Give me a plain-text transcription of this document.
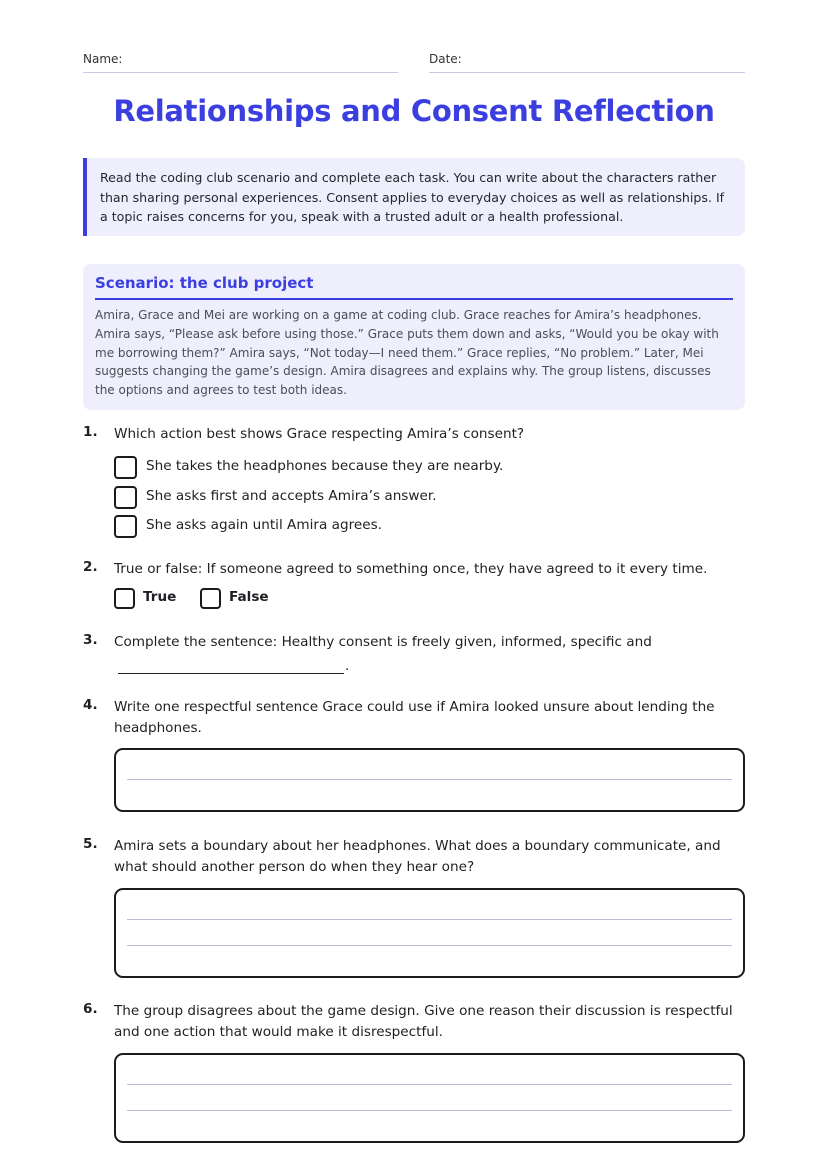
Name:	Date:
Relationships and Consent Reflection
Read the coding club scenario and complete each task. You can write about the characters rather than sharing personal experiences. Consent applies to everyday choices as well as relationships. If a topic raises concerns for you, speak with a trusted adult or a health professional.
Scenario: the club project
Amira, Grace and Mei are working on a game at coding club. Grace reaches for Amira’s headphones. Amira says, “Please ask before using those.” Grace puts them down and asks, “Would you be okay with me borrowing them?” Amira says, “Not today—I need them.” Grace replies, “No problem.” Later, Mei suggests changing the game’s design. Amira disagrees and explains why. The group listens, discusses the options and agrees to test both ideas.
1. Which action best shows Grace respecting Amira’s consent?
She takes the headphones because they are nearby.
She asks first and accepts Amira’s answer.
She asks again until Amira agrees.
2. True or false: If someone agreed to something once, they have agreed to it every time.
True	False
3. Complete the sentence: Healthy consent is freely given, informed, specific and
.
4. Write one respectful sentence Grace could use if Amira looked unsure about lending the headphones.
5. Amira sets a boundary about her headphones. What does a boundary communicate, and what should another person do when they hear one?
6. The group disagrees about the game design. Give one reason their discussion is respectful and one action that would make it disrespectful.
